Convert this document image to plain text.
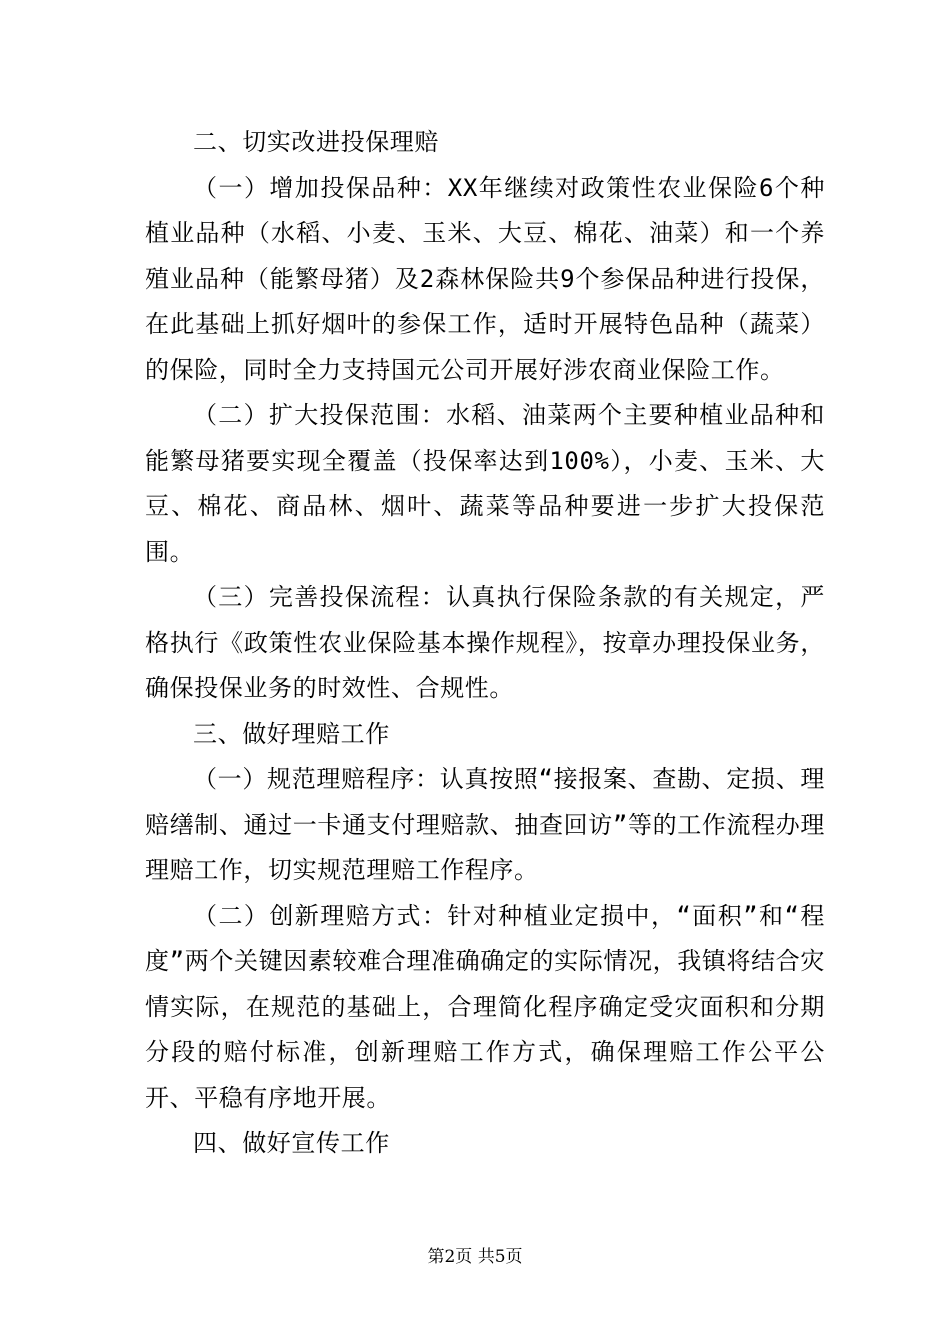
二、切实改进投保理赔

（一）增加投保品种：XX年继续对政策性农业保险6个种植业品种（水稻、小麦、玉米、大豆、棉花、油菜）和一个养殖业品种（能繁母猪）及2森林保险共9个参保品种进行投保，在此基础上抓好烟叶的参保工作，适时开展特色品种（蔬菜）的保险，同时全力支持国元公司开展好涉农商业保险工作。

（二）扩大投保范围：水稻、油菜两个主要种植业品种和能繁母猪要实现全覆盖（投保率达到100%），小麦、玉米、大豆、棉花、商品林、烟叶、蔬菜等品种要进一步扩大投保范围。

（三）完善投保流程：认真执行保险条款的有关规定，严格执行《政策性农业保险基本操作规程》，按章办理投保业务，确保投保业务的时效性、合规性。

三、做好理赔工作

（一）规范理赔程序：认真按照“接报案、查勘、定损、理赔缮制、通过一卡通支付理赔款、抽查回访”等的工作流程办理理赔工作，切实规范理赔工作程序。

（二）创新理赔方式：针对种植业定损中，“面积”和“程度”两个关键因素较难合理准确确定的实际情况，我镇将结合灾情实际，在规范的基础上，合理简化程序确定受灾面积和分期分段的赔付标准，创新理赔工作方式，确保理赔工作公平公开、平稳有序地开展。

四、做好宣传工作

第2页 共5页
